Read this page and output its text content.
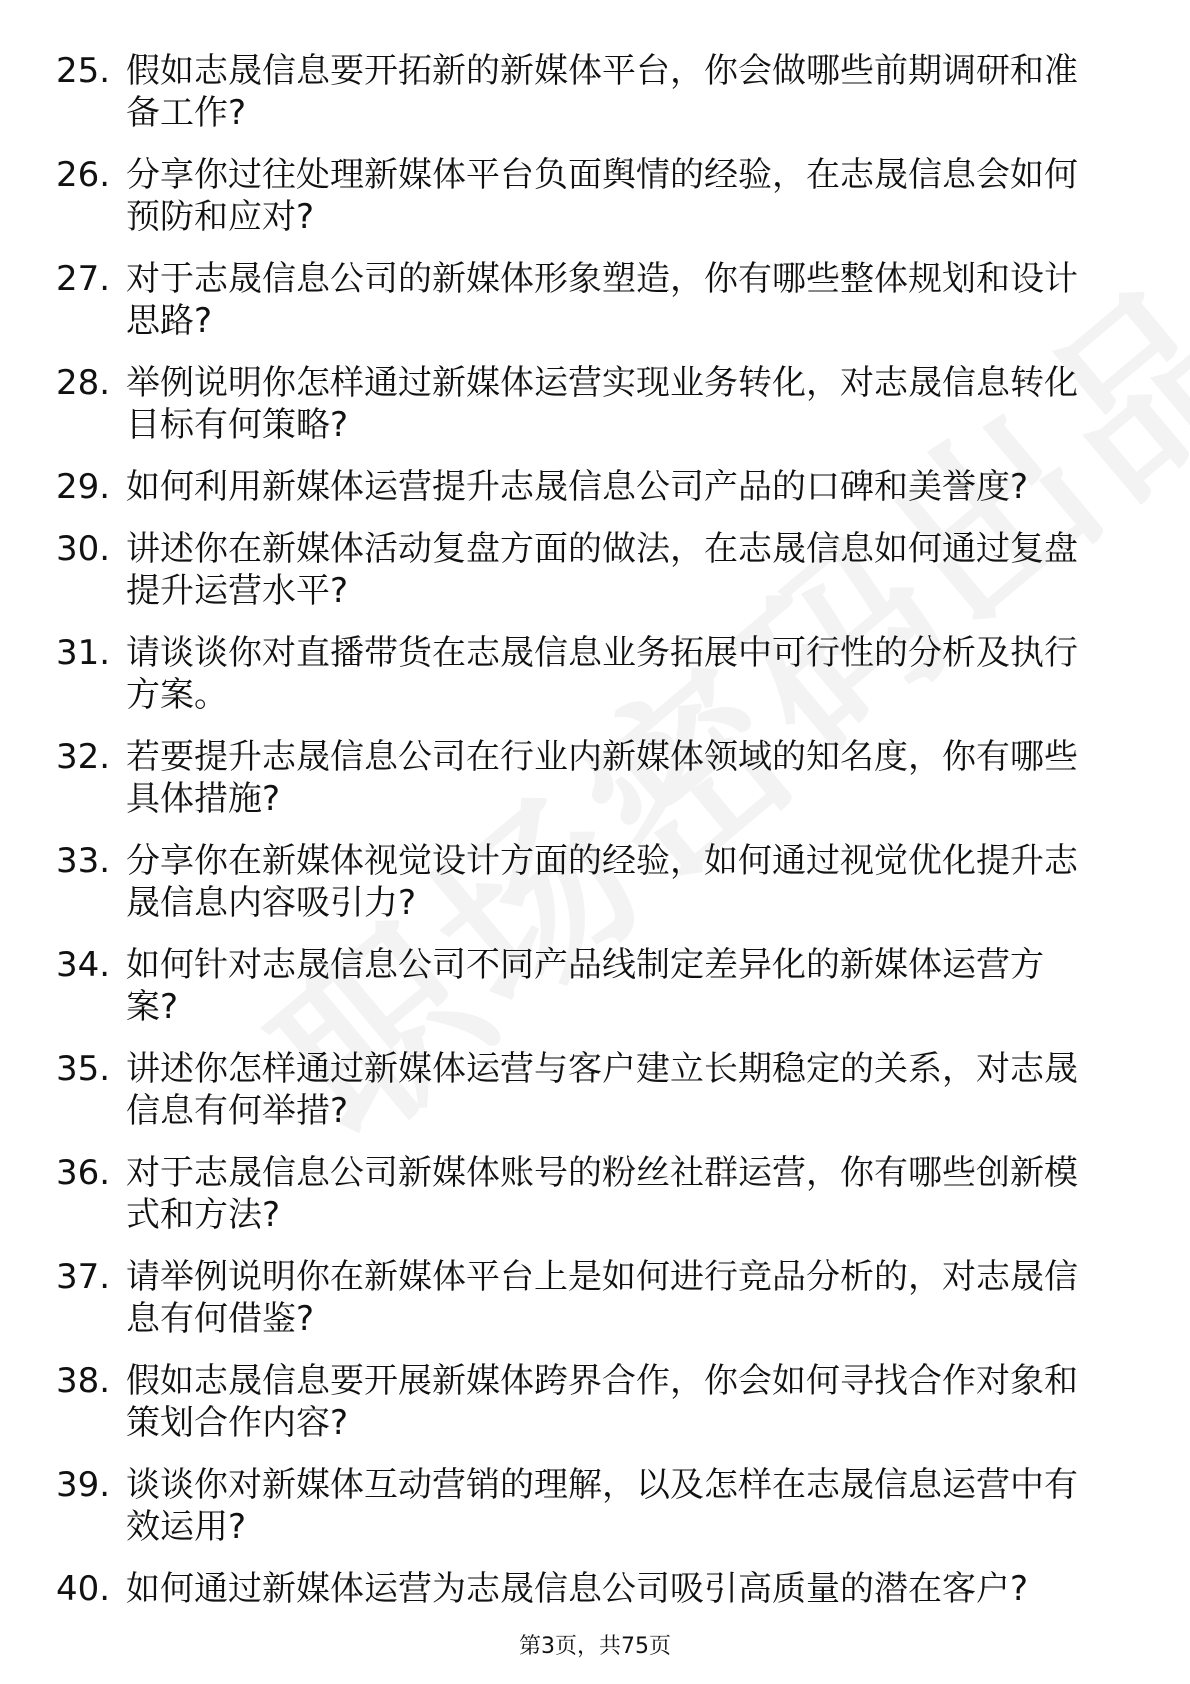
25. 假如志晟信息要开拓新的新媒体平台，你会做哪些前期调研和准备工作?
26. 分享你过往处理新媒体平台负面舆情的经验，在志晟信息会如何预防和应对?
27. 对于志晟信息公司的新媒体形象塑造，你有哪些整体规划和设计思路?
28. 举例说明你怎样通过新媒体运营实现业务转化，对志晟信息转化目标有何策略?
29. 如何利用新媒体运营提升志晟信息公司产品的口碑和美誉度?
30. 讲述你在新媒体活动复盘方面的做法，在志晟信息如何通过复盘提升运营水平?
31. 请谈谈你对直播带货在志晟信息业务拓展中可行性的分析及执行方案。
32. 若要提升志晟信息公司在行业内新媒体领域的知名度，你有哪些具体措施?
33. 分享你在新媒体视觉设计方面的经验，如何通过视觉优化提升志晟信息内容吸引力?
34. 如何针对志晟信息公司不同产品线制定差异化的新媒体运营方案?
35. 讲述你怎样通过新媒体运营与客户建立长期稳定的关系，对志晟信息有何举措?
36. 对于志晟信息公司新媒体账号的粉丝社群运营，你有哪些创新模式和方法?
37. 请举例说明你在新媒体平台上是如何进行竞品分析的，对志晟信息有何借鉴?
38. 假如志晟信息要开展新媒体跨界合作，你会如何寻找合作对象和策划合作内容?
39. 谈谈你对新媒体互动营销的理解，以及怎样在志晟信息运营中有效运用?
40. 如何通过新媒体运营为志晟信息公司吸引高质量的潜在客户?
第3页，共75页
